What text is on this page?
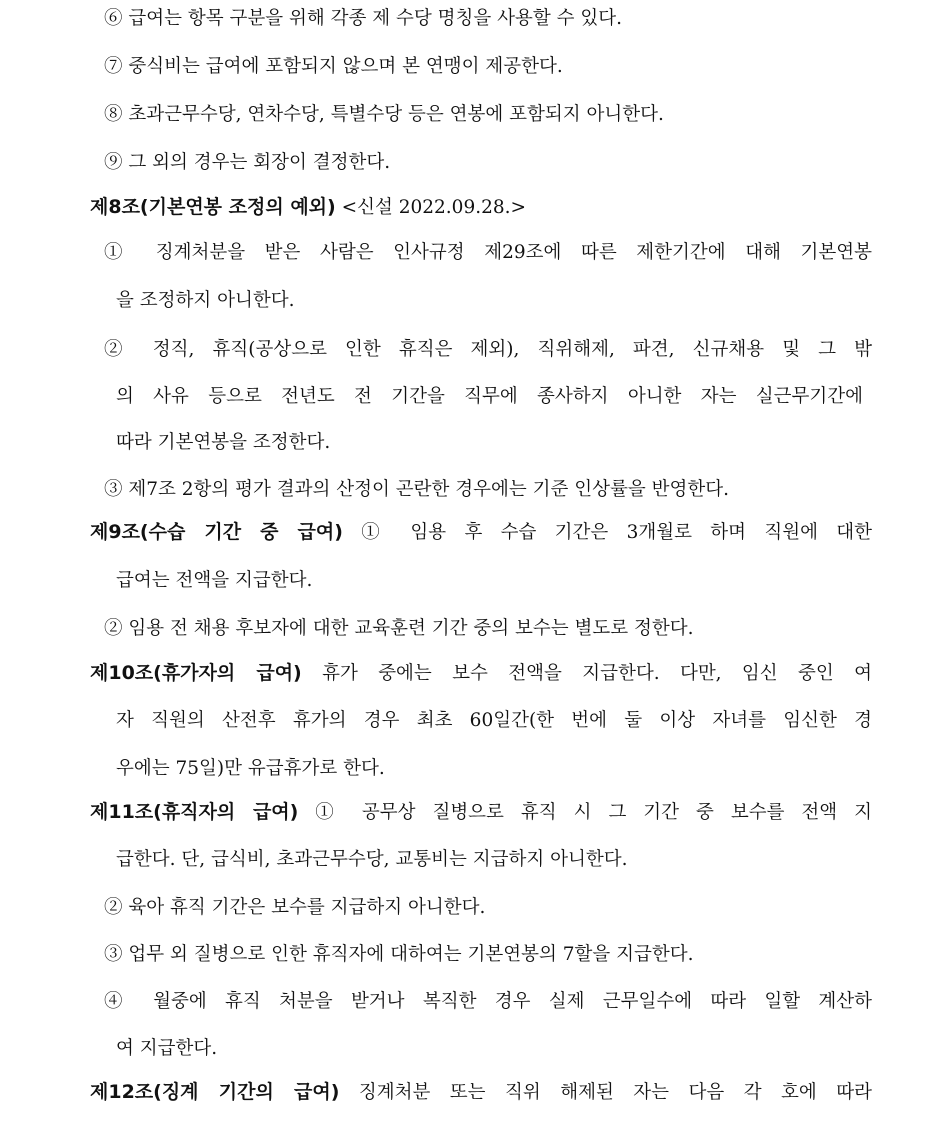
⑥ 급여는 항목 구분을 위해 각종 제 수당 명칭을 사용할 수 있다.
⑦ 중식비는 급여에 포함되지 않으며 본 연맹이 제공한다.
⑧ 초과근무수당, 연차수당, 특별수당 등은 연봉에 포함되지 아니한다.
⑨ 그 외의 경우는 회장이 결정한다.
제8조(기본연봉 조정의 예외) <신설 2022.09.28.>
① 징계처분을 받은 사람은 인사규정 제29조에 따른 제한기간에 대해 기본연봉
을 조정하지 아니한다.
② 정직, 휴직(공상으로 인한 휴직은 제외), 직위해제, 파견, 신규채용 및 그 밖
의 사유 등으로 전년도 전 기간을 직무에 종사하지 아니한 자는 실근무기간에
따라 기본연봉을 조정한다.
③ 제7조 2항의 평가 결과의 산정이 곤란한 경우에는 기준 인상률을 반영한다.
제9조(수습 기간 중 급여) ① 임용 후 수습 기간은 3개월로 하며 직원에 대한
급여는 전액을 지급한다.
② 임용 전 채용 후보자에 대한 교육훈련 기간 중의 보수는 별도로 정한다.
제10조(휴가자의 급여) 휴가 중에는 보수 전액을 지급한다. 다만, 임신 중인 여
자 직원의 산전후 휴가의 경우 최초 60일간(한 번에 둘 이상 자녀를 임신한 경
우에는 75일)만 유급휴가로 한다.
제11조(휴직자의 급여) ① 공무상 질병으로 휴직 시 그 기간 중 보수를 전액 지
급한다. 단, 급식비, 초과근무수당, 교통비는 지급하지 아니한다.
② 육아 휴직 기간은 보수를 지급하지 아니한다.
③ 업무 외 질병으로 인한 휴직자에 대하여는 기본연봉의 7할을 지급한다.
④ 월중에 휴직 처분을 받거나 복직한 경우 실제 근무일수에 따라 일할 계산하
여 지급한다.
제12조(징계 기간의 급여) 징계처분 또는 직위 해제된 자는 다음 각 호에 따라
